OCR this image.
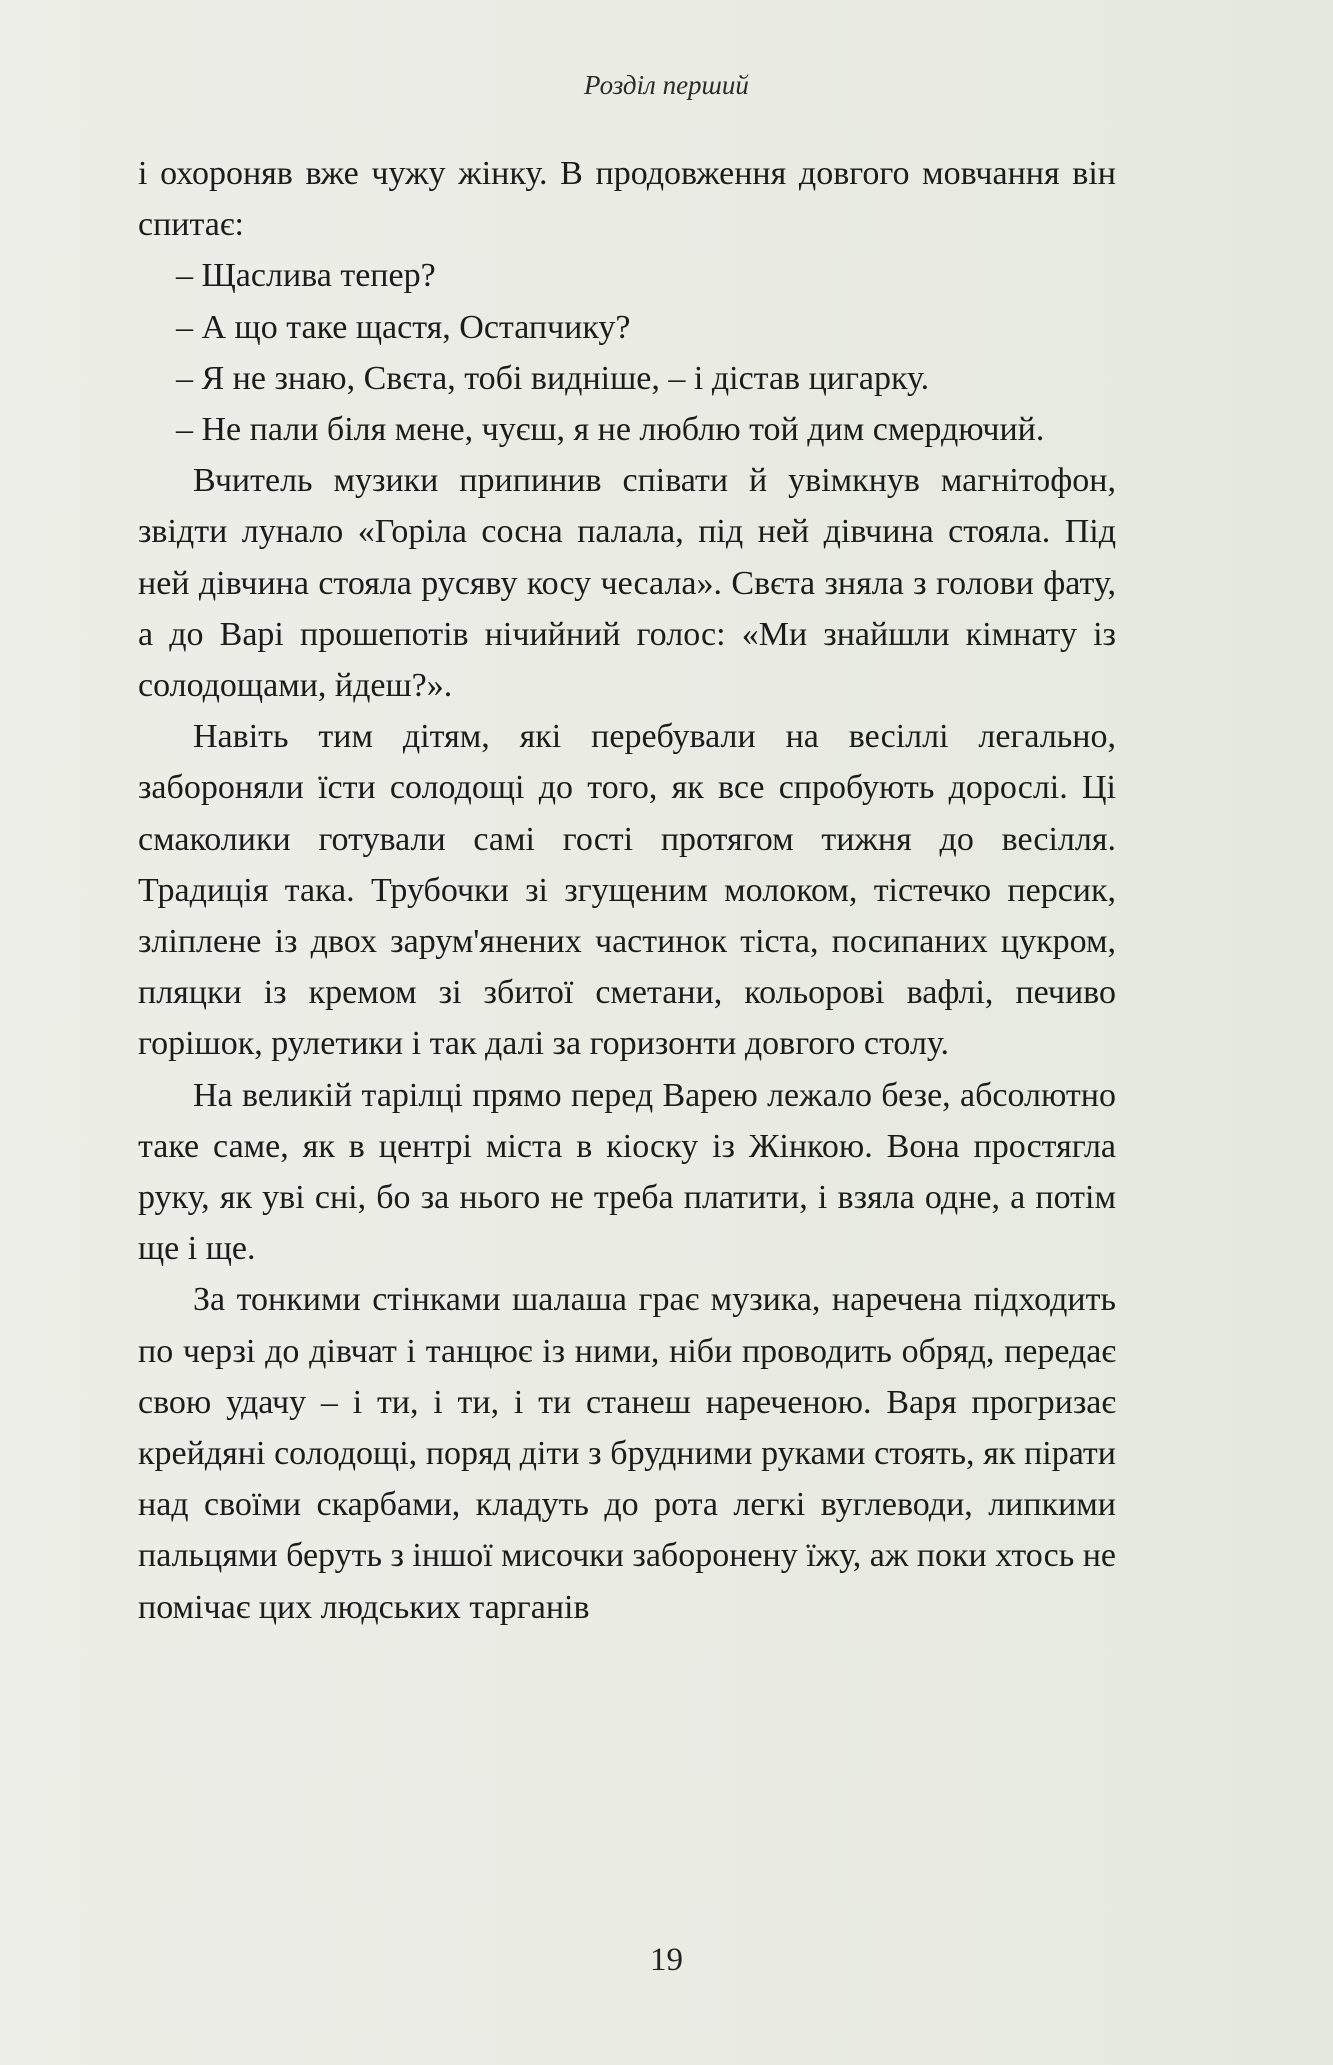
Розділ перший

і охороняв вже чужу жінку. В продовження довгого мовчання він спитає:

– Щаслива тепер?

– А що таке щастя, Остапчику?

– Я не знаю, Свєта, тобі видніше, – і дістав цигарку.

– Не пали біля мене, чуєш, я не люблю той дим смердючий.

Вчитель музики припинив співати й увімкнув магнітофон, звідти лунало «Горіла сосна палала, під ней дівчина стояла. Під ней дівчина стояла русяву косу чесала». Свєта зняла з голови фату, а до Варі прошепотів нічийний голос: «Ми знайшли кімнату із солодощами, йдеш?».

Навіть тим дітям, які перебували на весіллі легально, забороняли їсти солодощі до того, як все спробують дорослі. Ці смаколики готували самі гості протягом тижня до весілля. Традиція така. Трубочки зі згущеним молоком, тістечко персик, зліплене із двох зарум'янених частинок тіста, посипаних цукром, пляцки із кремом зі збитої сметани, кольорові вафлі, печиво горішок, рулетики і так далі за горизонти довгого столу.

На великій тарілці прямо перед Варею лежало безе, абсолютно таке саме, як в центрі міста в кіоску із Жінкою. Вона простягла руку, як уві сні, бо за нього не треба платити, і взяла одне, а потім ще і ще.

За тонкими стінками шалаша грає музика, наречена підходить по черзі до дівчат і танцює із ними, ніби проводить обряд, передає свою удачу – і ти, і ти, і ти станеш нареченою. Варя прогризає крейдяні солодощі, поряд діти з брудними руками стоять, як пірати над своїми скарбами, кладуть до рота легкі вуглеводи, липкими пальцями беруть з іншої мисочки заборонену їжу, аж поки хтось не помічає цих людських тарганів

19
